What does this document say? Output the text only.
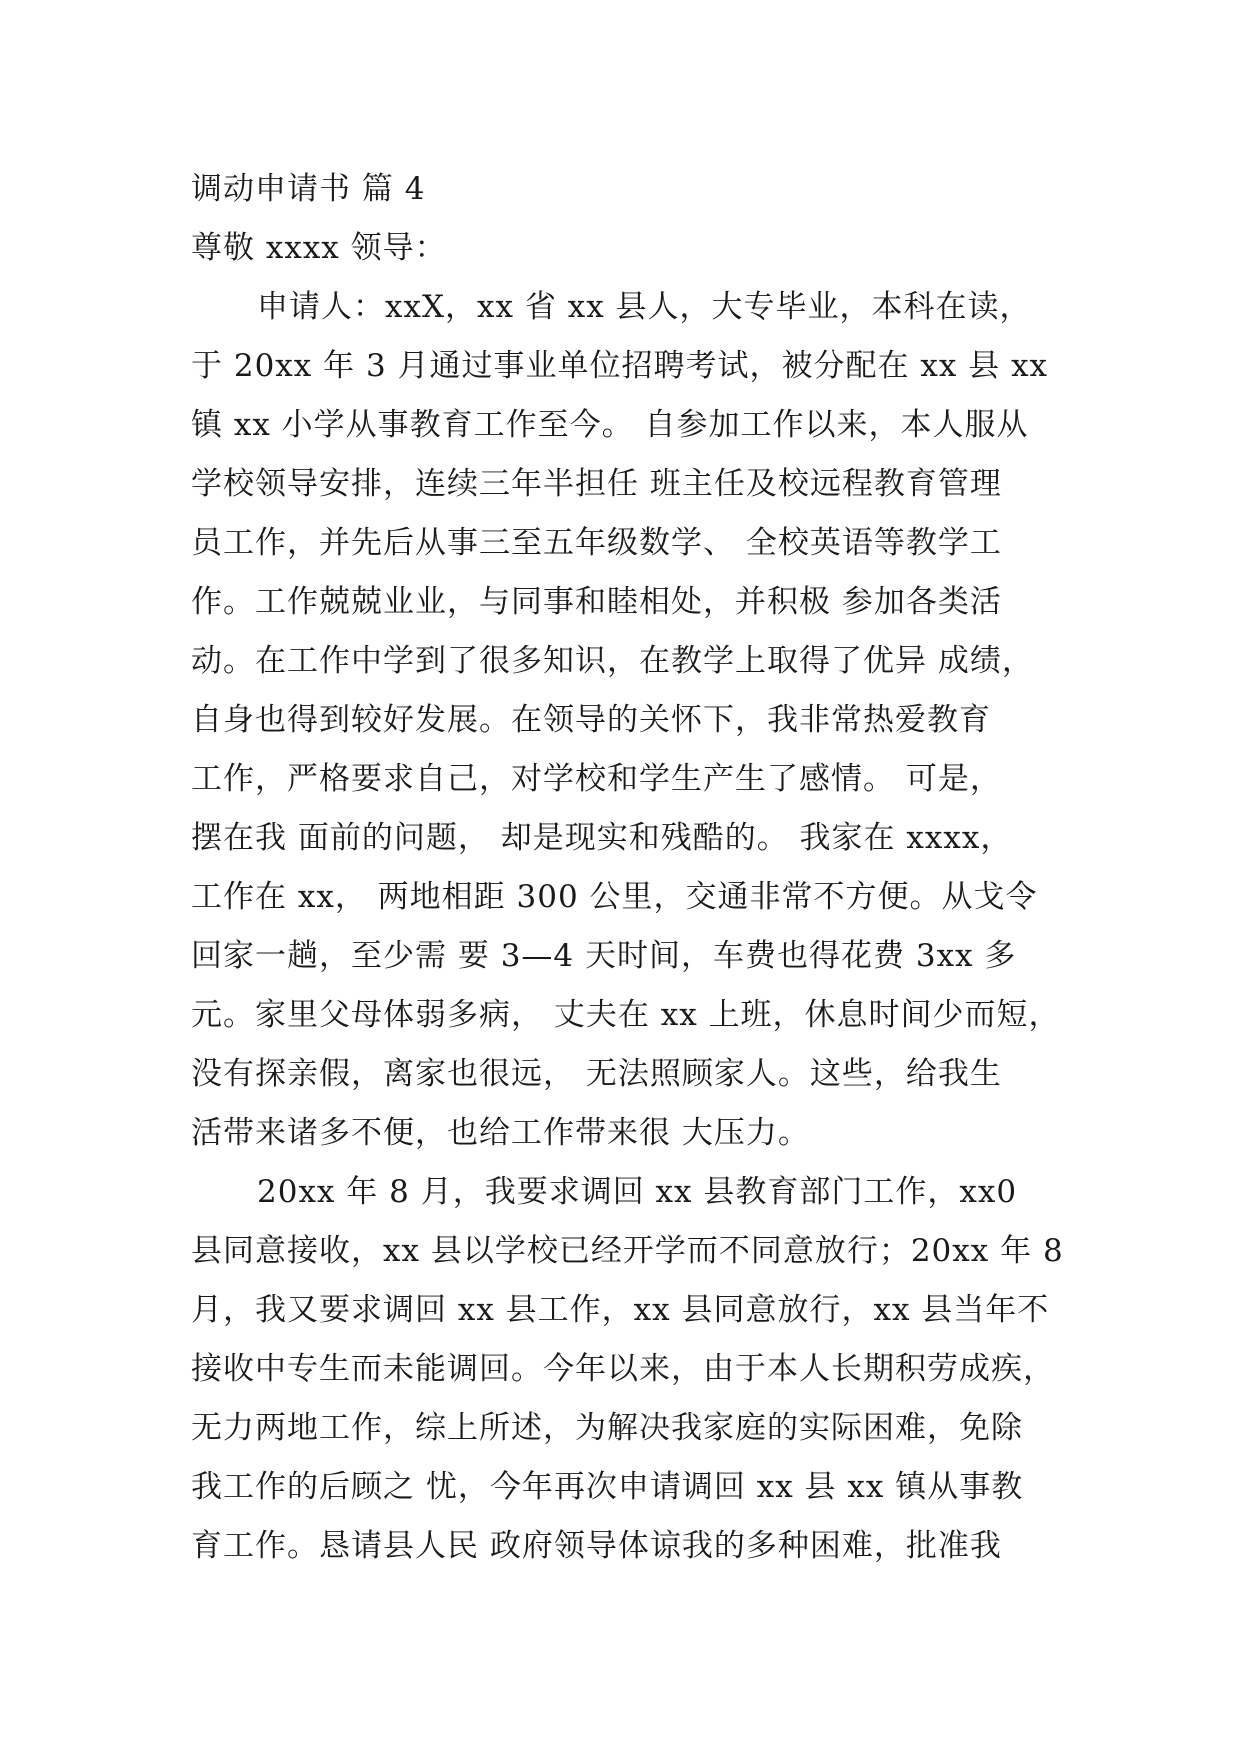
调动申请书 篇 4
尊敬 xxxx 领导：
申请人：xxX，xx 省 xx 县人，大专毕业，本科在读，
于 20xx 年 3 月通过事业单位招聘考试，被分配在 xx 县 xx
镇 xx 小学从事教育工作至今。 自参加工作以来，本人服从
学校领导安排，连续三年半担任 班主任及校远程教育管理
员工作，并先后从事三至五年级数学、 全校英语等教学工
作。工作兢兢业业，与同事和睦相处，并积极 参加各类活
动。在工作中学到了很多知识，在教学上取得了优异 成绩，
自身也得到较好发展。在领导的关怀下，我非常热爱教育
工作，严格要求自己，对学校和学生产生了感情。 可是，
摆在我 面前的问题， 却是现实和残酷的。 我家在 xxxx，
工作在 xx， 两地相距 300 公里，交通非常不方便。从戈令
回家一趟，至少需 要 3—4 天时间，车费也得花费 3xx 多
元。家里父母体弱多病， 丈夫在 xx 上班，休息时间少而短，
没有探亲假，离家也很远， 无法照顾家人。这些，给我生
活带来诸多不便，也给工作带来很 大压力。
20xx 年 8 月，我要求调回 xx 县教育部门工作，xx0
县同意接收，xx 县以学校已经开学而不同意放行；20xx 年 8
月，我又要求调回 xx 县工作，xx 县同意放行，xx 县当年不
接收中专生而未能调回。今年以来，由于本人长期积劳成疾，
无力两地工作，综上所述，为解决我家庭的实际困难，免除
我工作的后顾之 忧，今年再次申请调回 xx 县 xx 镇从事教
育工作。恳请县人民 政府领导体谅我的多种困难，批准我
